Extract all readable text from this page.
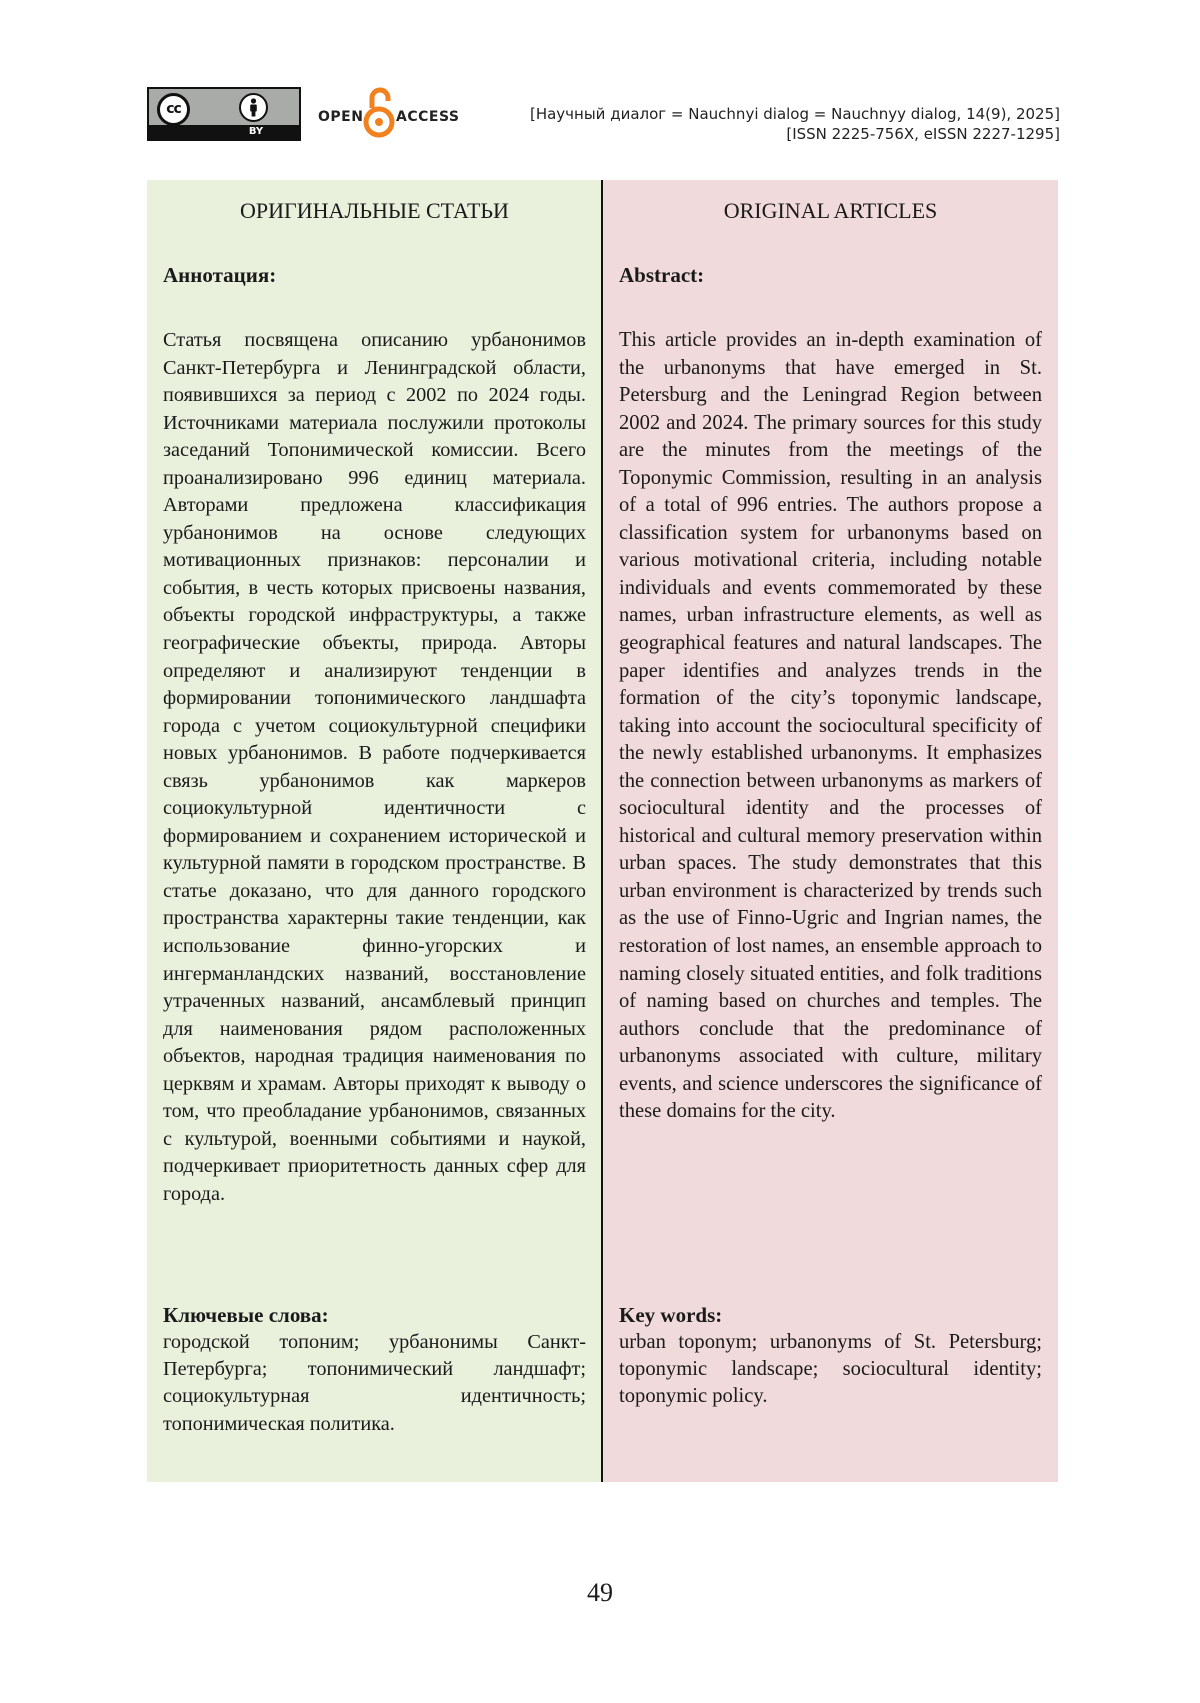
cc
BY
OPEN ACCESS	[Научный диалог = Nauchnyi dialog = Nauchnyy dialog, 14(9), 2025]
[ISSN 2225-756X, eISSN 2227-1295]
ОРИГИНАЛЬНЫЕ СТАТЬИ
Аннотация:

Статья посвящена описанию урбанонимов Санкт-Петербурга и Ленинградской области, появившихся за период с 2002 по 2024 годы. Источниками материала послужили протоколы заседаний Топонимической комиссии. Всего проанализировано 996 единиц материала. Авторами предложена классификация урбанонимов на основе следующих мотивационных признаков: персоналии и события, в честь которых присвоены названия, объекты городской инфраструктуры, а также географические объекты, природа. Авторы определяют и анализируют тенденции в формировании топонимического ландшафта города с учетом социокультурной специфики новых урбанонимов. В работе подчеркивается связь урбанонимов как маркеров социокультурной идентичности с формированием и сохранением исторической и культурной памяти в городском пространстве. В статье доказано, что для данного городского пространства характерны такие тенденции, как использование финно-угорских и ингерманландских названий, восстановление утраченных названий, ансамблевый принцип для наименования рядом расположенных объектов, народная традиция наименования по церквям и храмам. Авторы приходят к выводу о том, что преобладание урбанонимов, связанных с культурой, военными событиями и наукой, подчеркивает приоритетность данных сфер для города.

Ключевые слова:

городской топоним; урбанонимы Санкт-Петербурга; топонимический ландшафт; социокультурная идентичность; топонимическая политика.

ORIGINAL ARTICLES
Abstract:

This article provides an in-depth examination of the urbanonyms that have emerged in St. Petersburg and the Leningrad Region between 2002 and 2024. The primary sources for this study are the minutes from the meetings of the Toponymic Commission, resulting in an analysis of a total of 996 entries. The authors propose a classification system for urbanonyms based on various motivational criteria, including notable individuals and events commemorated by these names, urban infrastructure elements, as well as geographical features and natural landscapes. The paper identifies and analyzes trends in the formation of the city’s toponymic landscape, taking into account the sociocultural specificity of the newly established urbanonyms. It emphasizes the connection between urbanonyms as markers of sociocultural identity and the processes of historical and cultural memory preservation within urban spaces. The study demonstrates that this urban environment is characterized by trends such as the use of Finno-Ugric and Ingrian names, the restoration of lost names, an ensemble approach to naming closely situated entities, and folk traditions of naming based on churches and temples. The authors conclude that the predominance of urbanonyms associated with culture, military events, and science underscores the significance of these domains for the city.

Key words:

urban toponym; urbanonyms of St. Petersburg; toponymic landscape; sociocultural identity; toponymic policy.

49
